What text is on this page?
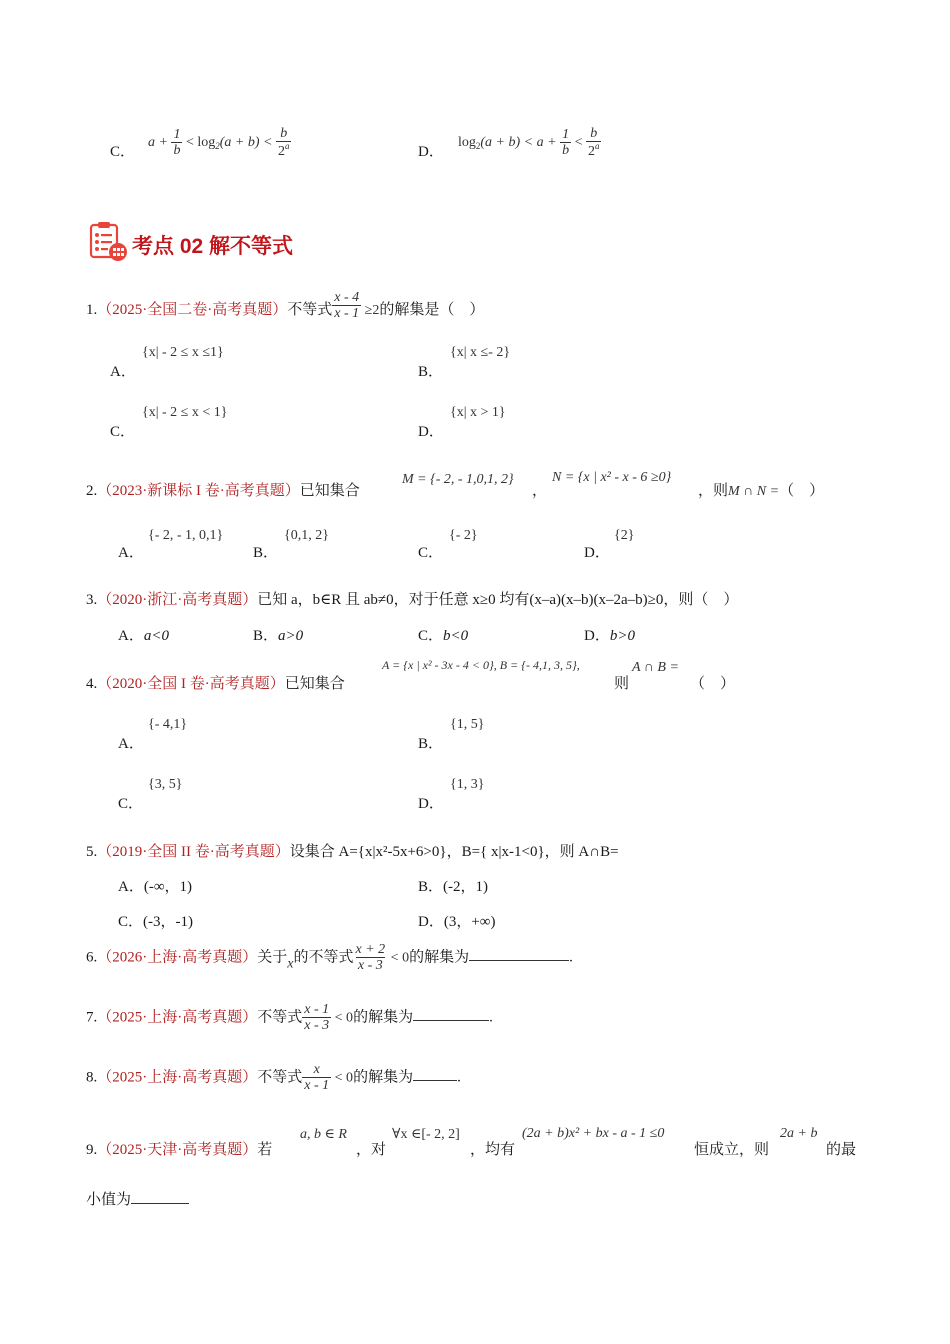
C．
$a + \frac{1}{b} < \log_2(a + b) < \frac{b}{2^a}$	D．
$\log_2(a + b) < a + \frac{1}{b} < \frac{b}{2^a}$
考点 02 解不等式
1.（2025·全国二卷·高考真题）不等式 $\frac{x - 4}{x - 1} \ge 2$的解集是（　）
A．
{x| - 2 ≤ x ≤1}
B．
{x| x ≤- 2}
C．
{x| - 2 ≤ x < 1}
D．
{x| x > 1}
2.（2023·新课标 I 卷·高考真题）已知集合
M = {- 2, - 1,0,1, 2}
，
N = {x | x² - x - 6 ≥0}
，则M ∩ N =（　）
A．
{- 2, - 1, 0,1}
B．
{0,1, 2}
C．
{- 2}
D．
{2}
3.（2020·浙江·高考真题）已知 a，b∈R 且 ab≠0，对于任意 x≥0 均有(x–a)(x–b)(x–2a–b)≥0，则（　）
A．a<0	B．a>0	C．b<0	D．b>0
4.（2020·全国 I 卷·高考真题）已知集合
A = {x | x² - 3x - 4 < 0}, B = {- 4,1, 3, 5},
则
A ∩ B =
（　）
A．
{- 4,1}
B．
{1, 5}
C．
{3, 5}
D．
{1, 3}
5.（2019·全国 II 卷·高考真题）设集合 A={x|x²-5x+6>0}，B={ x|x-1<0}，则 A∩B=
A．(-∞，1)	B．(-2，1)
C．(-3，-1)	D．(3，+∞)
6.（2026·上海·高考真题）关于x的不等式 $\frac{x + 2}{x - 3} < 0$的解集为	.
7.（2025·上海·高考真题）不等式 $\frac{x - 1}{x - 3} < 0$的解集为	.
8.（2025·上海·高考真题）不等式 $\frac{x}{x - 1} < 0$的解集为	.
9.（2025·天津·高考真题）若
a, b ∈ R
，对
∀x ∈[- 2, 2]
，均有
(2a + b)x² + bx - a - 1 ≤0
恒成立，则
2a + b
的最
小值为
